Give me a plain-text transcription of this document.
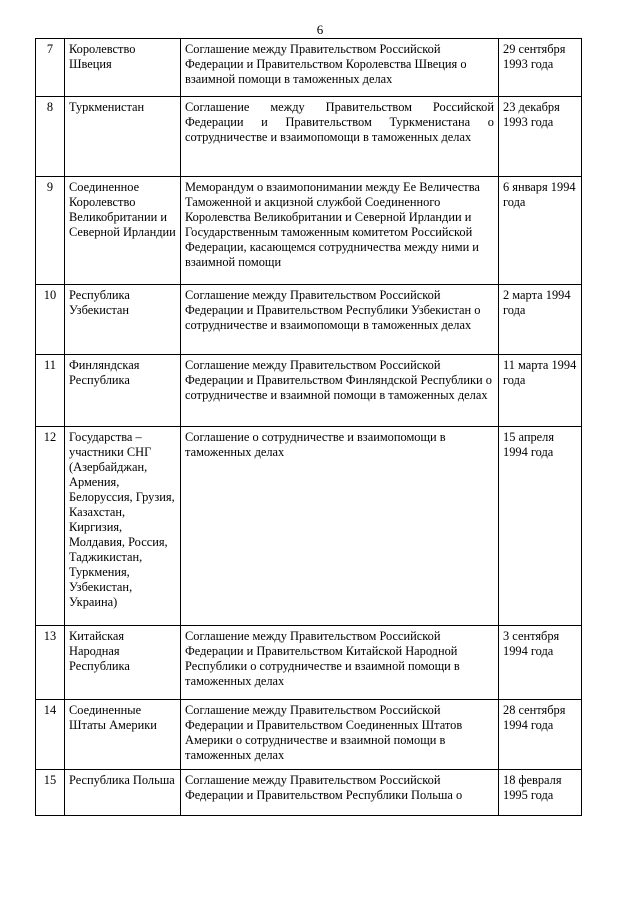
6
7	Королевство Швеция	Соглашение между Правительством Российской Федерации и Правительством Королевства Швеция о взаимной помощи в таможенных делах	29 сентября 1993 года
8	Туркменистан	Соглашение между Правительством Российской Федерации и Правительством Туркменистана о сотрудничестве и взаимопомощи в таможенных делах	23 декабря 1993 года
9	Соединенное Королевство Великобритании и Северной Ирландии	Меморандум о взаимопонимании между Ее Величества Таможенной и акцизной службой Соединенного Королевства Великобритании и Северной Ирландии и Государственным таможенным комитетом Российской Федерации, касающемся сотрудничества между ними и взаимной помощи	6 января 1994 года
10	Республика Узбекистан	Соглашение между Правительством Российской Федерации и Правительством Республики Узбекистан о сотрудничестве и взаимопомощи в таможенных делах	2 марта 1994 года
11	Финляндская Республика	Соглашение между Правительством Российской Федерации и Правительством Финляндской Республики о сотрудничестве и взаимной помощи в таможенных делах	11 марта 1994 года
12	Государства – участники СНГ (Азербайджан, Армения, Белоруссия, Грузия, Казахстан, Киргизия, Молдавия, Россия, Таджикистан, Туркмения, Узбекистан, Украина)	Соглашение о сотрудничестве и взаимопомощи в таможенных делах	15 апреля 1994 года
13	Китайская Народная Республика	Соглашение между Правительством Российской Федерации и Правительством Китайской Народной Республики о сотрудничестве и взаимной помощи в таможенных делах	3 сентября 1994 года
14	Соединенные Штаты Америки	Соглашение между Правительством Российской Федерации и Правительством Соединенных Штатов Америки о сотрудничестве и взаимной помощи в таможенных делах	28 сентября 1994 года
15	Республика Польша	Соглашение между Правительством Российской Федерации и Правительством Республики Польша о	18 февраля 1995 года
